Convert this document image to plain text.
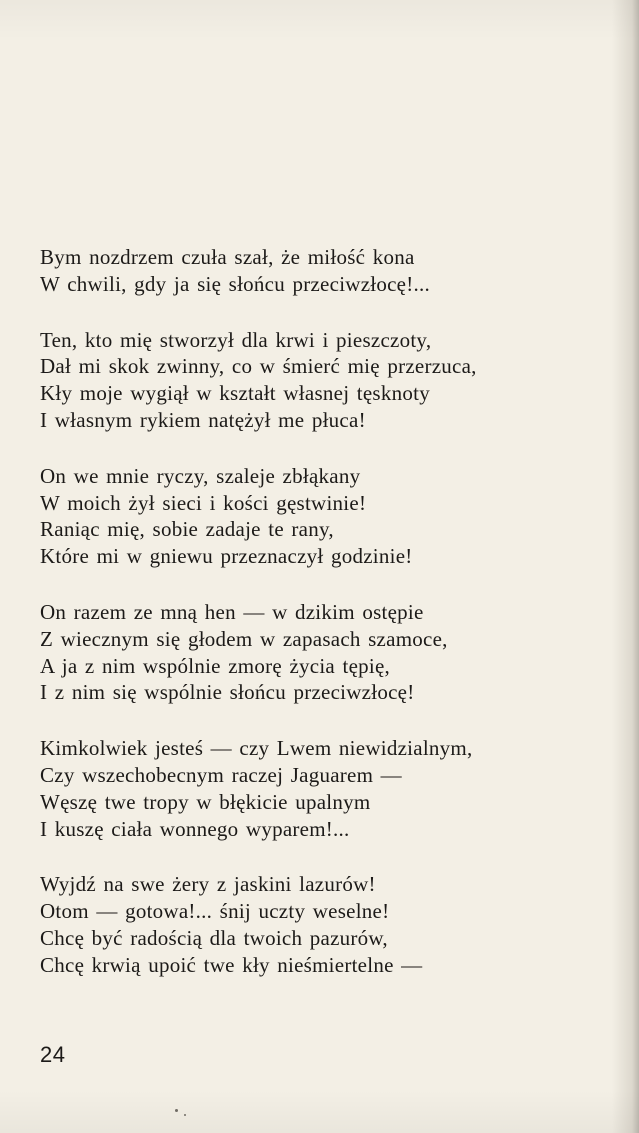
Bym nozdrzem czuła szał, że miłość kona
W chwili, gdy ja się słońcu przeciwzłocę!...
Ten, kto mię stworzył dla krwi i pieszczoty,
Dał mi skok zwinny, co w śmierć mię przerzuca,
Kły moje wygiął w kształt własnej tęsknoty
I własnym rykiem natężył me płuca!
On we mnie ryczy, szaleje zbłąkany
W moich żył sieci i kości gęstwinie!
Raniąc mię, sobie zadaje te rany,
Które mi w gniewu przeznaczył godzinie!
On razem ze mną hen — w dzikim ostępie
Z wiecznym się głodem w zapasach szamoce,
A ja z nim wspólnie zmorę życia tępię,
I z nim się wspólnie słońcu przeciwzłocę!
Kimkolwiek jesteś — czy Lwem niewidzialnym,
Czy wszechobecnym raczej Jaguarem —
Węszę twe tropy w błękicie upalnym
I kuszę ciała wonnego wyparem!...
Wyjdź na swe żery z jaskini lazurów!
Otom — gotowa!... śnij uczty weselne!
Chcę być radością dla twoich pazurów,
Chcę krwią upoić twe kły nieśmiertelne —
24
